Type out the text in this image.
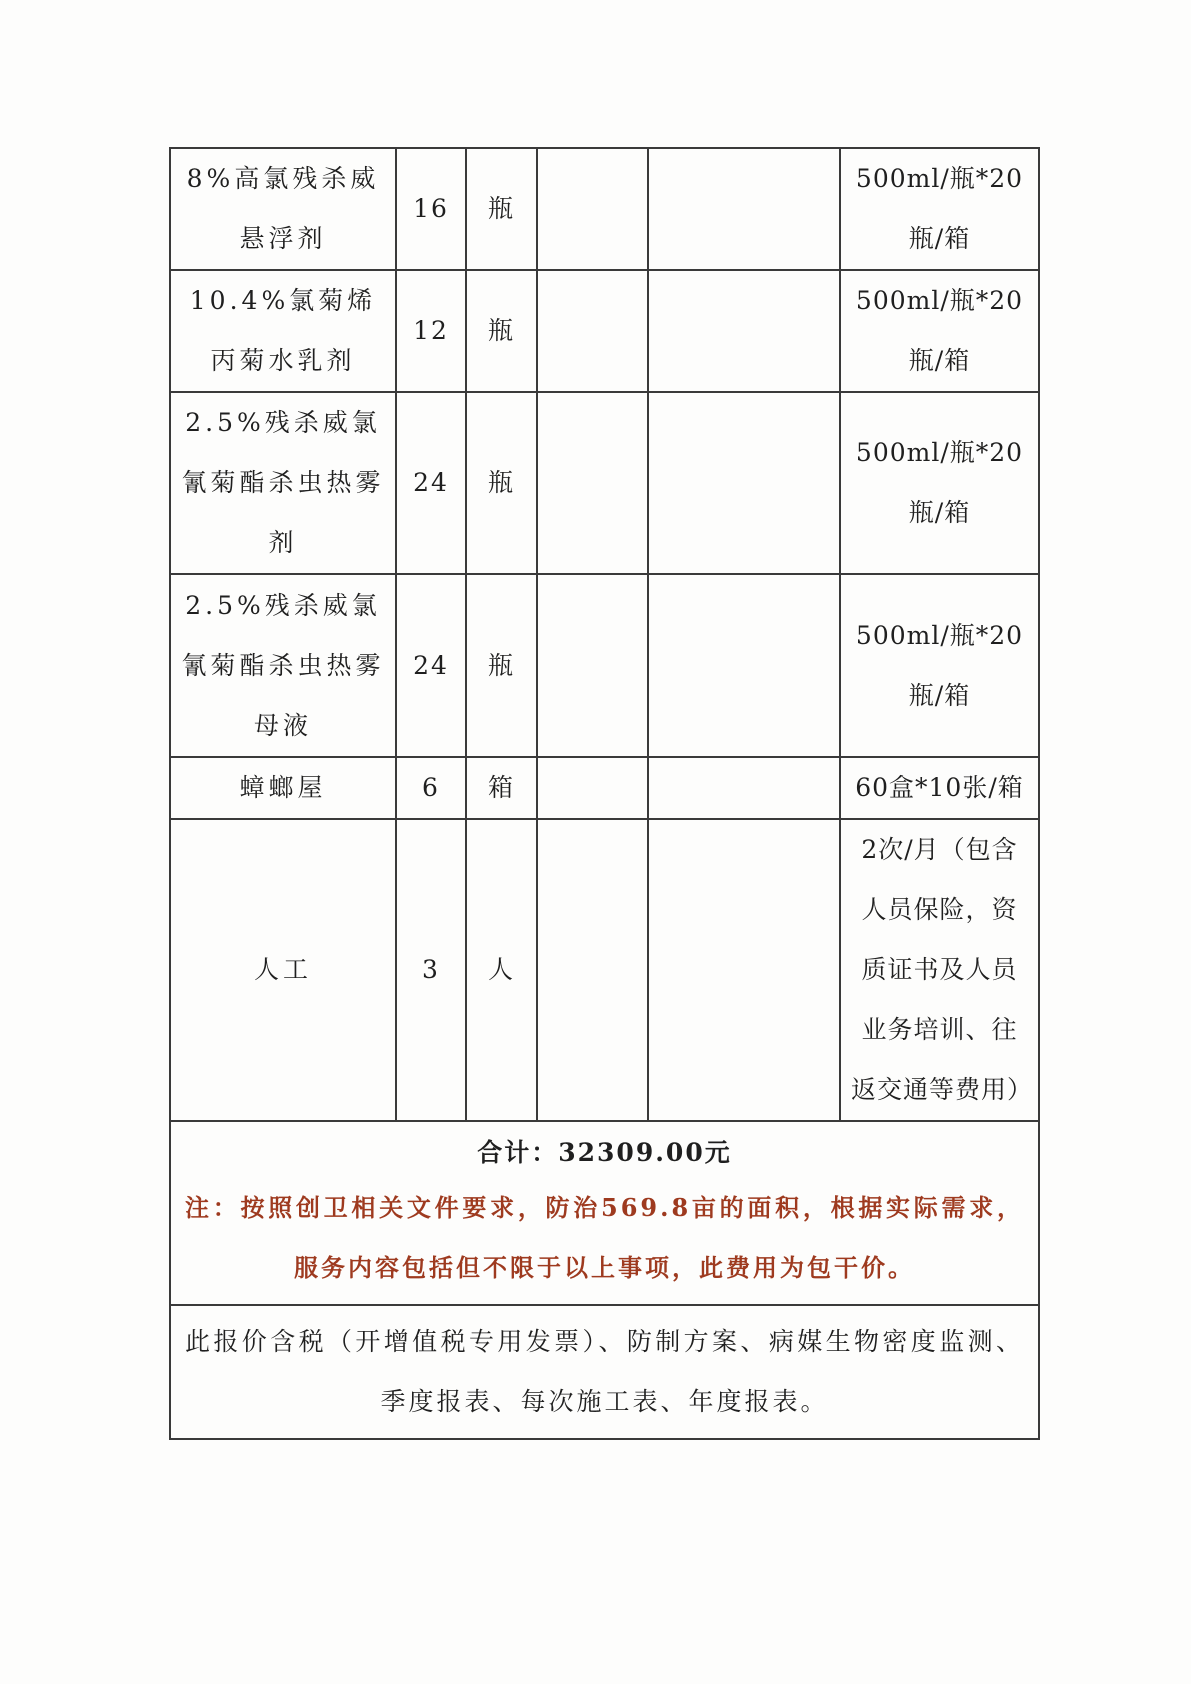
8%高氯残杀威悬浮剂	16	瓶			500ml/瓶*20瓶/箱
10.4%氯菊烯丙菊水乳剂	12	瓶			500ml/瓶*20瓶/箱
2.5%残杀威氯氰菊酯杀虫热雾剂	24	瓶			500ml/瓶*20瓶/箱
2.5%残杀威氯氰菊酯杀虫热雾母液	24	瓶			500ml/瓶*20瓶/箱
蟑螂屋	6	箱			60盒*10张/箱
人工	3	人			2次/月（包含人员保险，资质证书及人员业务培训、往返交通等费用）

合计：32309.00元
注：按照创卫相关文件要求，防治569.8亩的面积，根据实际需求，服务内容包括但不限于以上事项，此费用为包干价。					

此报价含税（开增值税专用发票）、防制方案、病媒生物密度监测、季度报表、每次施工表、年度报表。					
